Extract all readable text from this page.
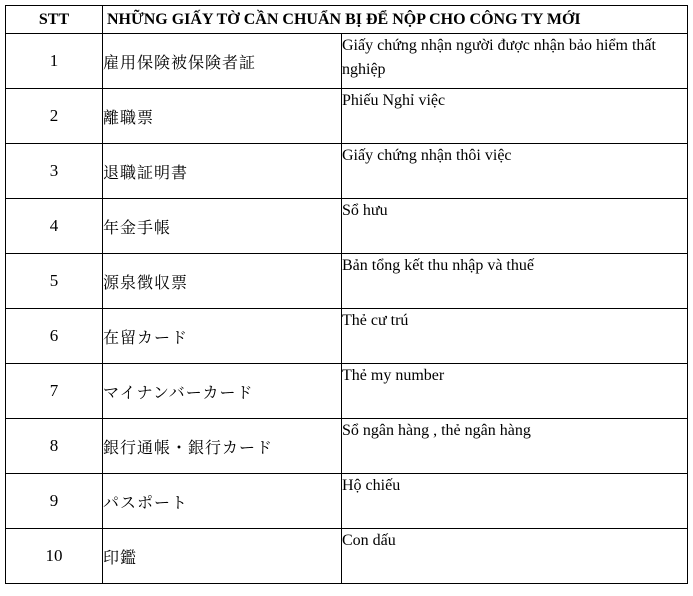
STT	NHỮNG GIẤY TỜ CẦN CHUẨN BỊ ĐỂ NỘP CHO CÔNG TY MỚI	
1	雇用保険被保険者証	Giấy chứng nhận người được nhận bảo hiểm thất nghiệp
2	離職票	Phiếu Nghỉ việc
3	退職証明書	Giấy chứng nhận thôi việc
4	年金手帳	Sổ hưu
5	源泉徴収票	Bản tổng kết thu nhập và thuế
6	在留カード	Thẻ cư trú
7	マイナンバーカード	Thẻ my number
8	銀行通帳・銀行カード	Sổ ngân hàng , thẻ ngân hàng
9	パスポート	Hộ chiếu
10	印鑑	Con dấu
